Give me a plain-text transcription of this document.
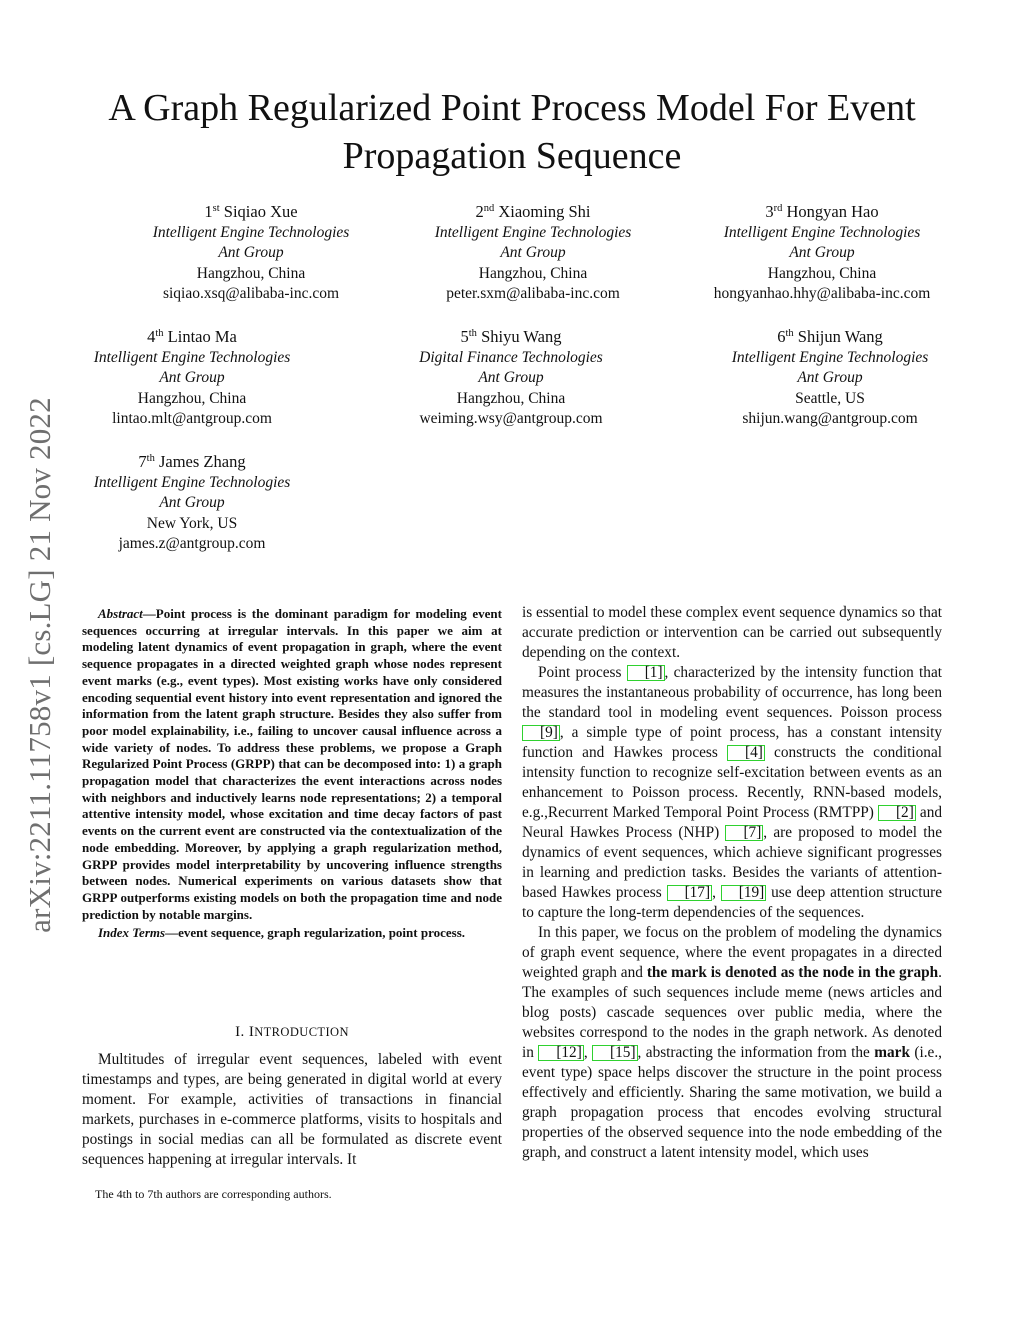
arXiv:2211.11758v1 [cs.LG] 21 Nov 2022
A Graph Regularized Point Process Model For Event Propagation Sequence
1st Siqiao Xue
Intelligent Engine Technologies
Ant Group
Hangzhou, China
siqiao.xsq@alibaba-inc.com
2nd Xiaoming Shi
Intelligent Engine Technologies
Ant Group
Hangzhou, China
peter.sxm@alibaba-inc.com
3rd Hongyan Hao
Intelligent Engine Technologies
Ant Group
Hangzhou, China
hongyanhao.hhy@alibaba-inc.com
4th Lintao Ma
Intelligent Engine Technologies
Ant Group
Hangzhou, China
lintao.mlt@antgroup.com
5th Shiyu Wang
Digital Finance Technologies
Ant Group
Hangzhou, China
weiming.wsy@antgroup.com
6th Shijun Wang
Intelligent Engine Technologies
Ant Group
Seattle, US
shijun.wang@antgroup.com
7th James Zhang
Intelligent Engine Technologies
Ant Group
New York, US
james.z@antgroup.com

Abstract—Point process is the dominant paradigm for modeling event sequences occurring at irregular intervals. In this paper we aim at modeling latent dynamics of event propagation in graph, where the event sequence propagates in a directed weighted graph whose nodes represent event marks (e.g., event types). Most existing works have only considered encoding sequential event history into event representation and ignored the information from the latent graph structure. Besides they also suffer from poor model explainability, i.e., failing to uncover causal influence across a wide variety of nodes. To address these problems, we propose a Graph Regularized Point Process (GRPP) that can be decomposed into: 1) a graph propagation model that characterizes the event interactions across nodes with neighbors and inductively learns node representations; 2) a temporal attentive intensity model, whose excitation and time decay factors of past events on the current event are constructed via the contextualization of the node embedding. Moreover, by applying a graph regularization method, GRPP provides model interpretability by uncovering influence strengths between nodes. Numerical experiments on various datasets show that GRPP outperforms existing models on both the propagation time and node prediction by notable margins.

Index Terms—event sequence, graph regularization, point process.

I. INTRODUCTION

Multitudes of irregular event sequences, labeled with event timestamps and types, are being generated in digital world at every moment. For example, activities of transactions in financial markets, purchases in e-commerce platforms, visits to hospitals and postings in social medias can all be formulated as discrete event sequences happening at irregular intervals. It

The 4th to 7th authors are corresponding authors.

is essential to model these complex event sequence dynamics so that accurate prediction or intervention can be carried out subsequently depending on the context.

Point process [1] , characterized by the intensity function that measures the instantaneous probability of occurrence, has long been the standard tool in modeling event sequences. Poisson process [9] , a simple type of point process, has a constant intensity function and Hawkes process [4] constructs the conditional intensity function to recognize self-excitation between events as an enhancement to Poisson process. Recently, RNN-based models, e.g.,Recurrent Marked Temporal Point Process (RMTPP) [2] and Neural Hawkes Process (NHP) [7] , are proposed to model the dynamics of event sequences, which achieve significant progresses in learning and prediction tasks. Besides the variants of attention-based Hawkes process [17] , [19] use deep attention structure to capture the long-term dependencies of the sequences.

In this paper, we focus on the problem of modeling the dynamics of graph event sequence, where the event propagates in a directed weighted graph and the mark is denoted as the node in the graph. The examples of such sequences include meme (news articles and blog posts) cascade sequences over public media, where the websites correspond to the nodes in the graph network. As denoted in [12] , [15] , abstracting the information from the mark (i.e., event type) space helps discover the structure in the point process effectively and efficiently. Sharing the same motivation, we build a graph propagation process that encodes evolving structural properties of the observed sequence into the node embedding of the graph, and construct a latent intensity model, which uses
